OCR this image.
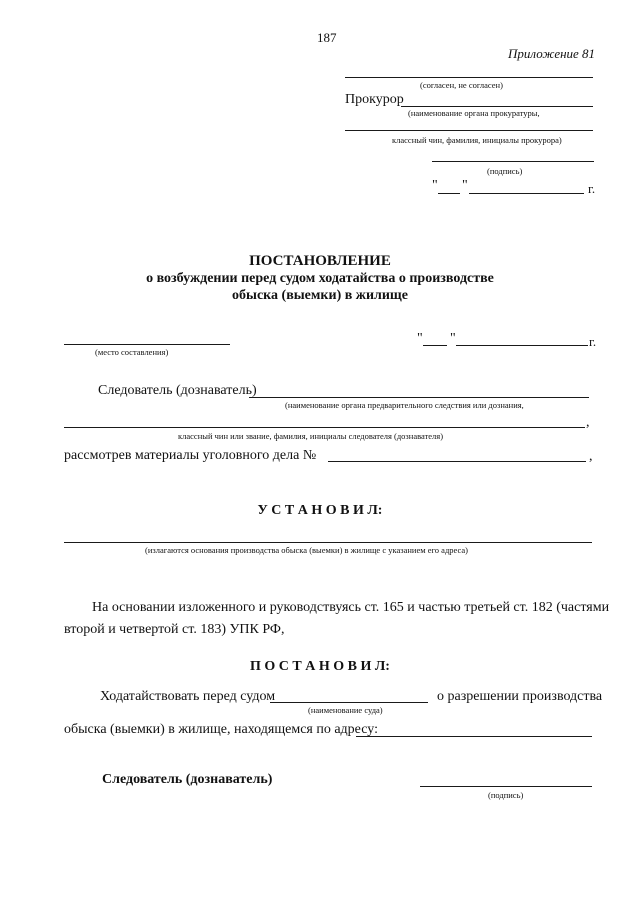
187
Приложение 81
(согласен, не согласен)
Прокурор
(наименование органа прокуратуры,
классный чин, фамилия, инициалы прокурора)
(подпись)
" "	г.
ПОСТАНОВЛЕНИЕ
о возбуждении перед судом ходатайства о производстве
обыска (выемки) в жилище
(место составления)
" "	г.
Следователь (дознаватель)
(наименование органа предварительного следствия или дознания,
,
классный чин или звание, фамилия, инициалы следователя (дознавателя)
рассмотрев материалы уголовного дела №	,
У С Т А Н О В И Л:
(излагаются основания производства обыска (выемки) в жилище с указанием его адреса)
На основании изложенного и руководствуясь ст. 165 и частью третьей ст. 182 (частями
второй и четвертой ст. 183) УПК РФ,
П О С Т А Н О В И Л:
Ходатайствовать перед судом
(наименование суда)
о разрешении производства
обыска (выемки) в жилище, находящемся по адресу:
Следователь (дознаватель)
(подпись)
